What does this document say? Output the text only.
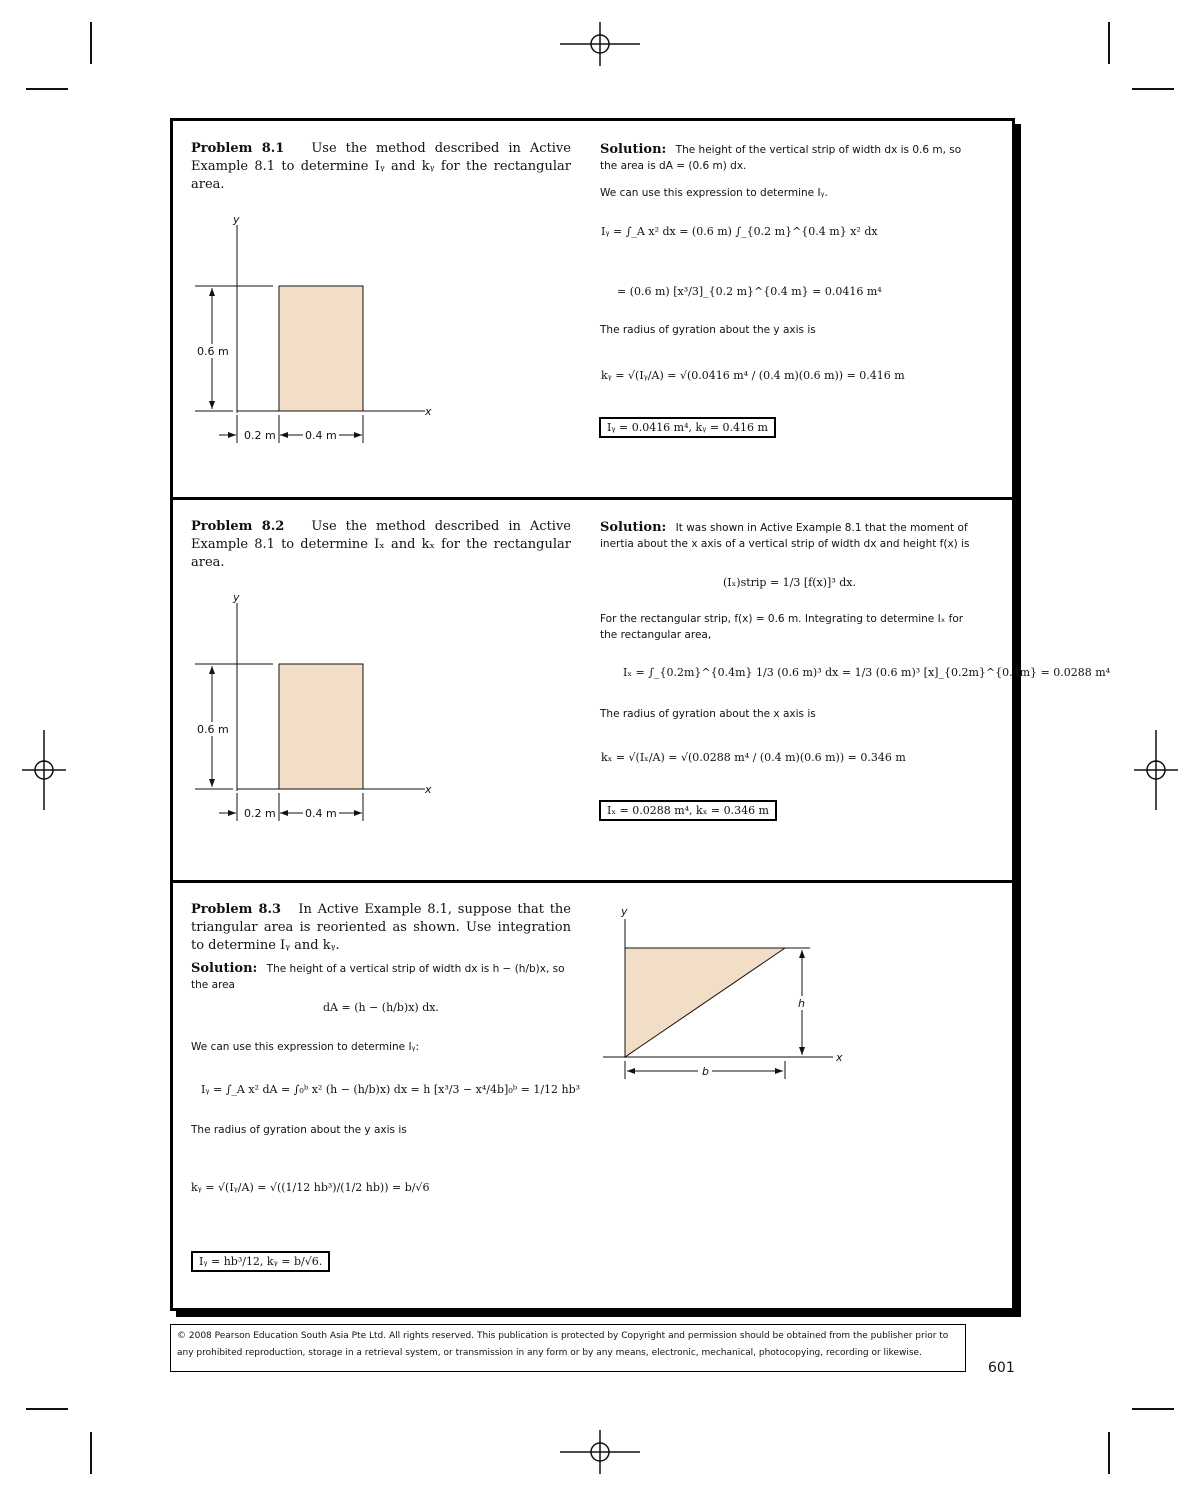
Problem 8.1 Use the method described in Active Example 8.1 to determine Iᵧ and kᵧ for the rectangular area.
y
x
0.6 m
0.2 m	0.4 m
Solution: The height of the vertical strip of width dx is 0.6 m, so the area is dA = (0.6 m) dx.
We can use this expression to determine Iᵧ.
Iᵧ = ∫_A x² dx = (0.6 m) ∫_{0.2 m}^{0.4 m} x² dx
= (0.6 m) [x³/3]_{0.2 m}^{0.4 m} = 0.0416 m⁴
The radius of gyration about the y axis is
kᵧ = √(Iᵧ/A) = √(0.0416 m⁴ / (0.4 m)(0.6 m)) = 0.416 m
Iᵧ = 0.0416 m⁴, kᵧ = 0.416 m
Problem 8.2 Use the method described in Active Example 8.1 to determine Iₓ and kₓ for the rectangular area.
y
x
0.6 m
0.2 m	0.4 m
Solution: It was shown in Active Example 8.1 that the moment of inertia about the x axis of a vertical strip of width dx and height f(x) is
(Iₓ)strip = 1/3 [f(x)]³ dx.
For the rectangular strip, f(x) = 0.6 m. Integrating to determine Iₓ for the rectangular area,
Iₓ = ∫_{0.2m}^{0.4m} 1/3 (0.6 m)³ dx = 1/3 (0.6 m)³ [x]_{0.2m}^{0.4m} = 0.0288 m⁴
The radius of gyration about the x axis is
kₓ = √(Iₓ/A) = √(0.0288 m⁴ / (0.4 m)(0.6 m)) = 0.346 m
Iₓ = 0.0288 m⁴, kₓ = 0.346 m
Problem 8.3 In Active Example 8.1, suppose that the triangular area is reoriented as shown. Use integration to determine Iᵧ and kᵧ.
Solution: The height of a vertical strip of width dx is h − (h/b)x, so the area
dA = (h − (h/b)x) dx.
We can use this expression to determine Iᵧ:
Iᵧ = ∫_A x² dA = ∫₀ᵇ x² (h − (h/b)x) dx = h [x³/3 − x⁴/4b]₀ᵇ = 1/12 hb³
The radius of gyration about the y axis is
kᵧ = √(Iᵧ/A) = √((1/12 hb³)/(1/2 hb)) = b/√6
Iᵧ = hb³/12, kᵧ = b/√6.
y
x
h
b
© 2008 Pearson Education South Asia Pte Ltd. All rights reserved. This publication is protected by Copyright and permission should be obtained from the publisher prior to any prohibited reproduction, storage in a retrieval system, or transmission in any form or by any means, electronic, mechanical, photocopying, recording or likewise.
601
